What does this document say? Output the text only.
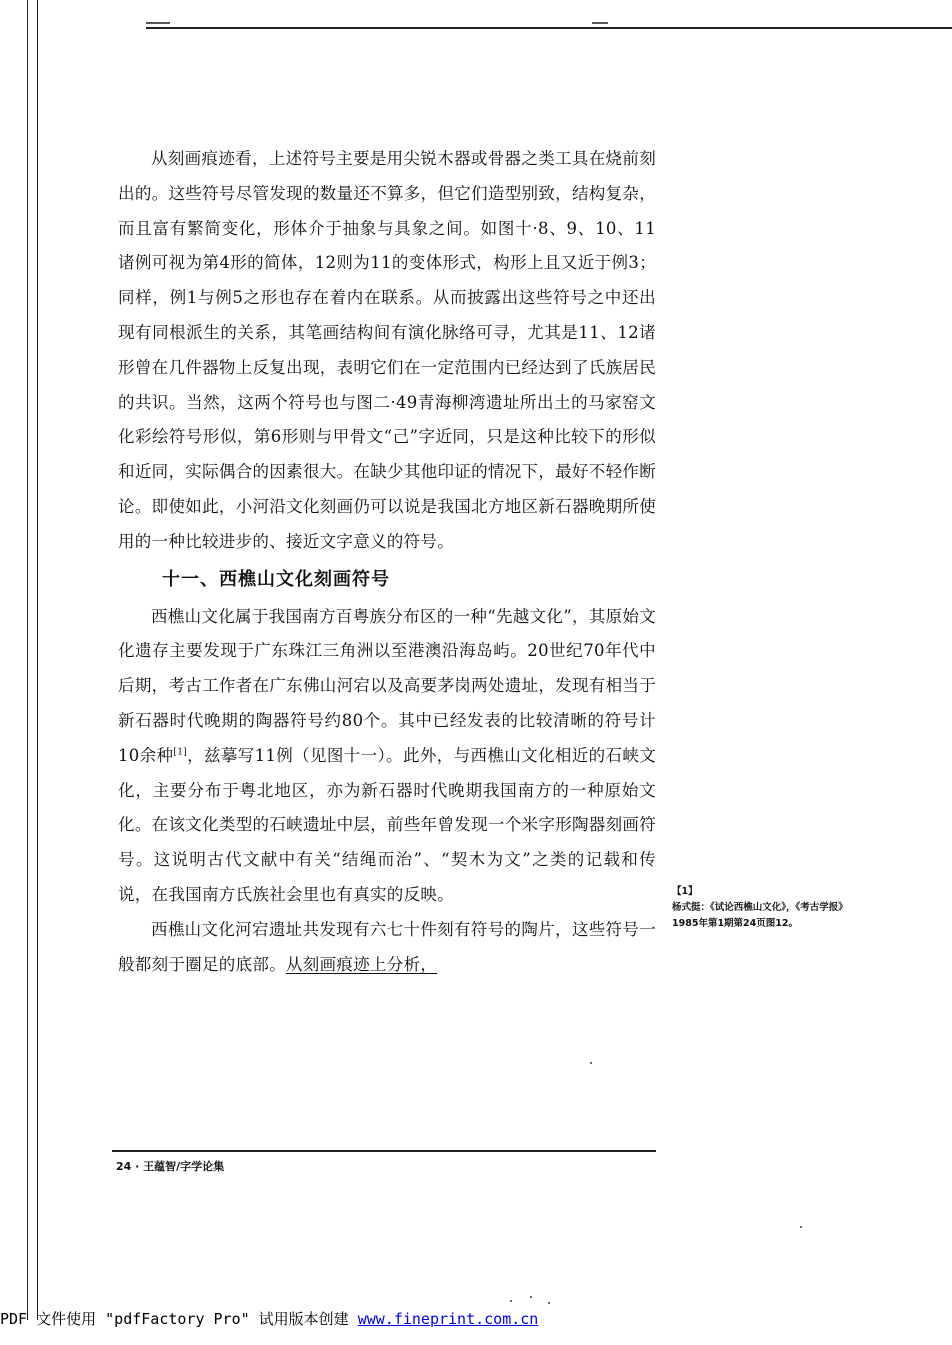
从刻画痕迹看，上述符号主要是用尖锐木器或骨器之类工具在烧前刻出的。这些符号尽管发现的数量还不算多，但它们造型别致，结构复杂，而且富有繁简变化，形体介于抽象与具象之间。如图十·8、9、10、11诸例可视为第4形的简体，12则为11的变体形式，构形上且又近于例3；同样，例1与例5之形也存在着内在联系。从而披露出这些符号之中还出现有同根派生的关系，其笔画结构间有演化脉络可寻，尤其是11、12诸形曾在几件器物上反复出现，表明它们在一定范围内已经达到了氏族居民的共识。当然，这两个符号也与图二·49青海柳湾遗址所出土的马家窑文化彩绘符号形似，第6形则与甲骨文“己”字近同，只是这种比较下的形似和近同，实际偶合的因素很大。在缺少其他印证的情况下，最好不轻作断论。即使如此，小河沿文化刻画仍可以说是我国北方地区新石器晚期所使用的一种比较进步的、接近文字意义的符号。

十一、西樵山文化刻画符号

西樵山文化属于我国南方百粤族分布区的一种“先越文化”，其原始文化遗存主要发现于广东珠江三角洲以至港澳沿海岛屿。20世纪70年代中后期，考古工作者在广东佛山河宕以及高要茅岗两处遗址，发现有相当于新石器时代晚期的陶器符号约80个。其中已经发表的比较清晰的符号计10余种[1]，兹摹写11例（见图十一）。此外，与西樵山文化相近的石峡文化，主要分布于粤北地区，亦为新石器时代晚期我国南方的一种原始文化。在该文化类型的石峡遗址中层，前些年曾发现一个米字形陶器刻画符号。这说明古代文献中有关“结绳而治”、“契木为文”之类的记载和传说，在我国南方氏族社会里也有真实的反映。

西樵山文化河宕遗址共发现有六七十件刻有符号的陶片，这些符号一般都刻于圈足的底部。从刻画痕迹上分析，

24 · 王蕴智/字学论集
【1】
杨式挺：《试论西樵山文化》，《考古学报》1985年第1期第24页图12。
PDF 文件使用 "pdfFactory Pro" 试用版本创建 www.fineprint.com.cn
